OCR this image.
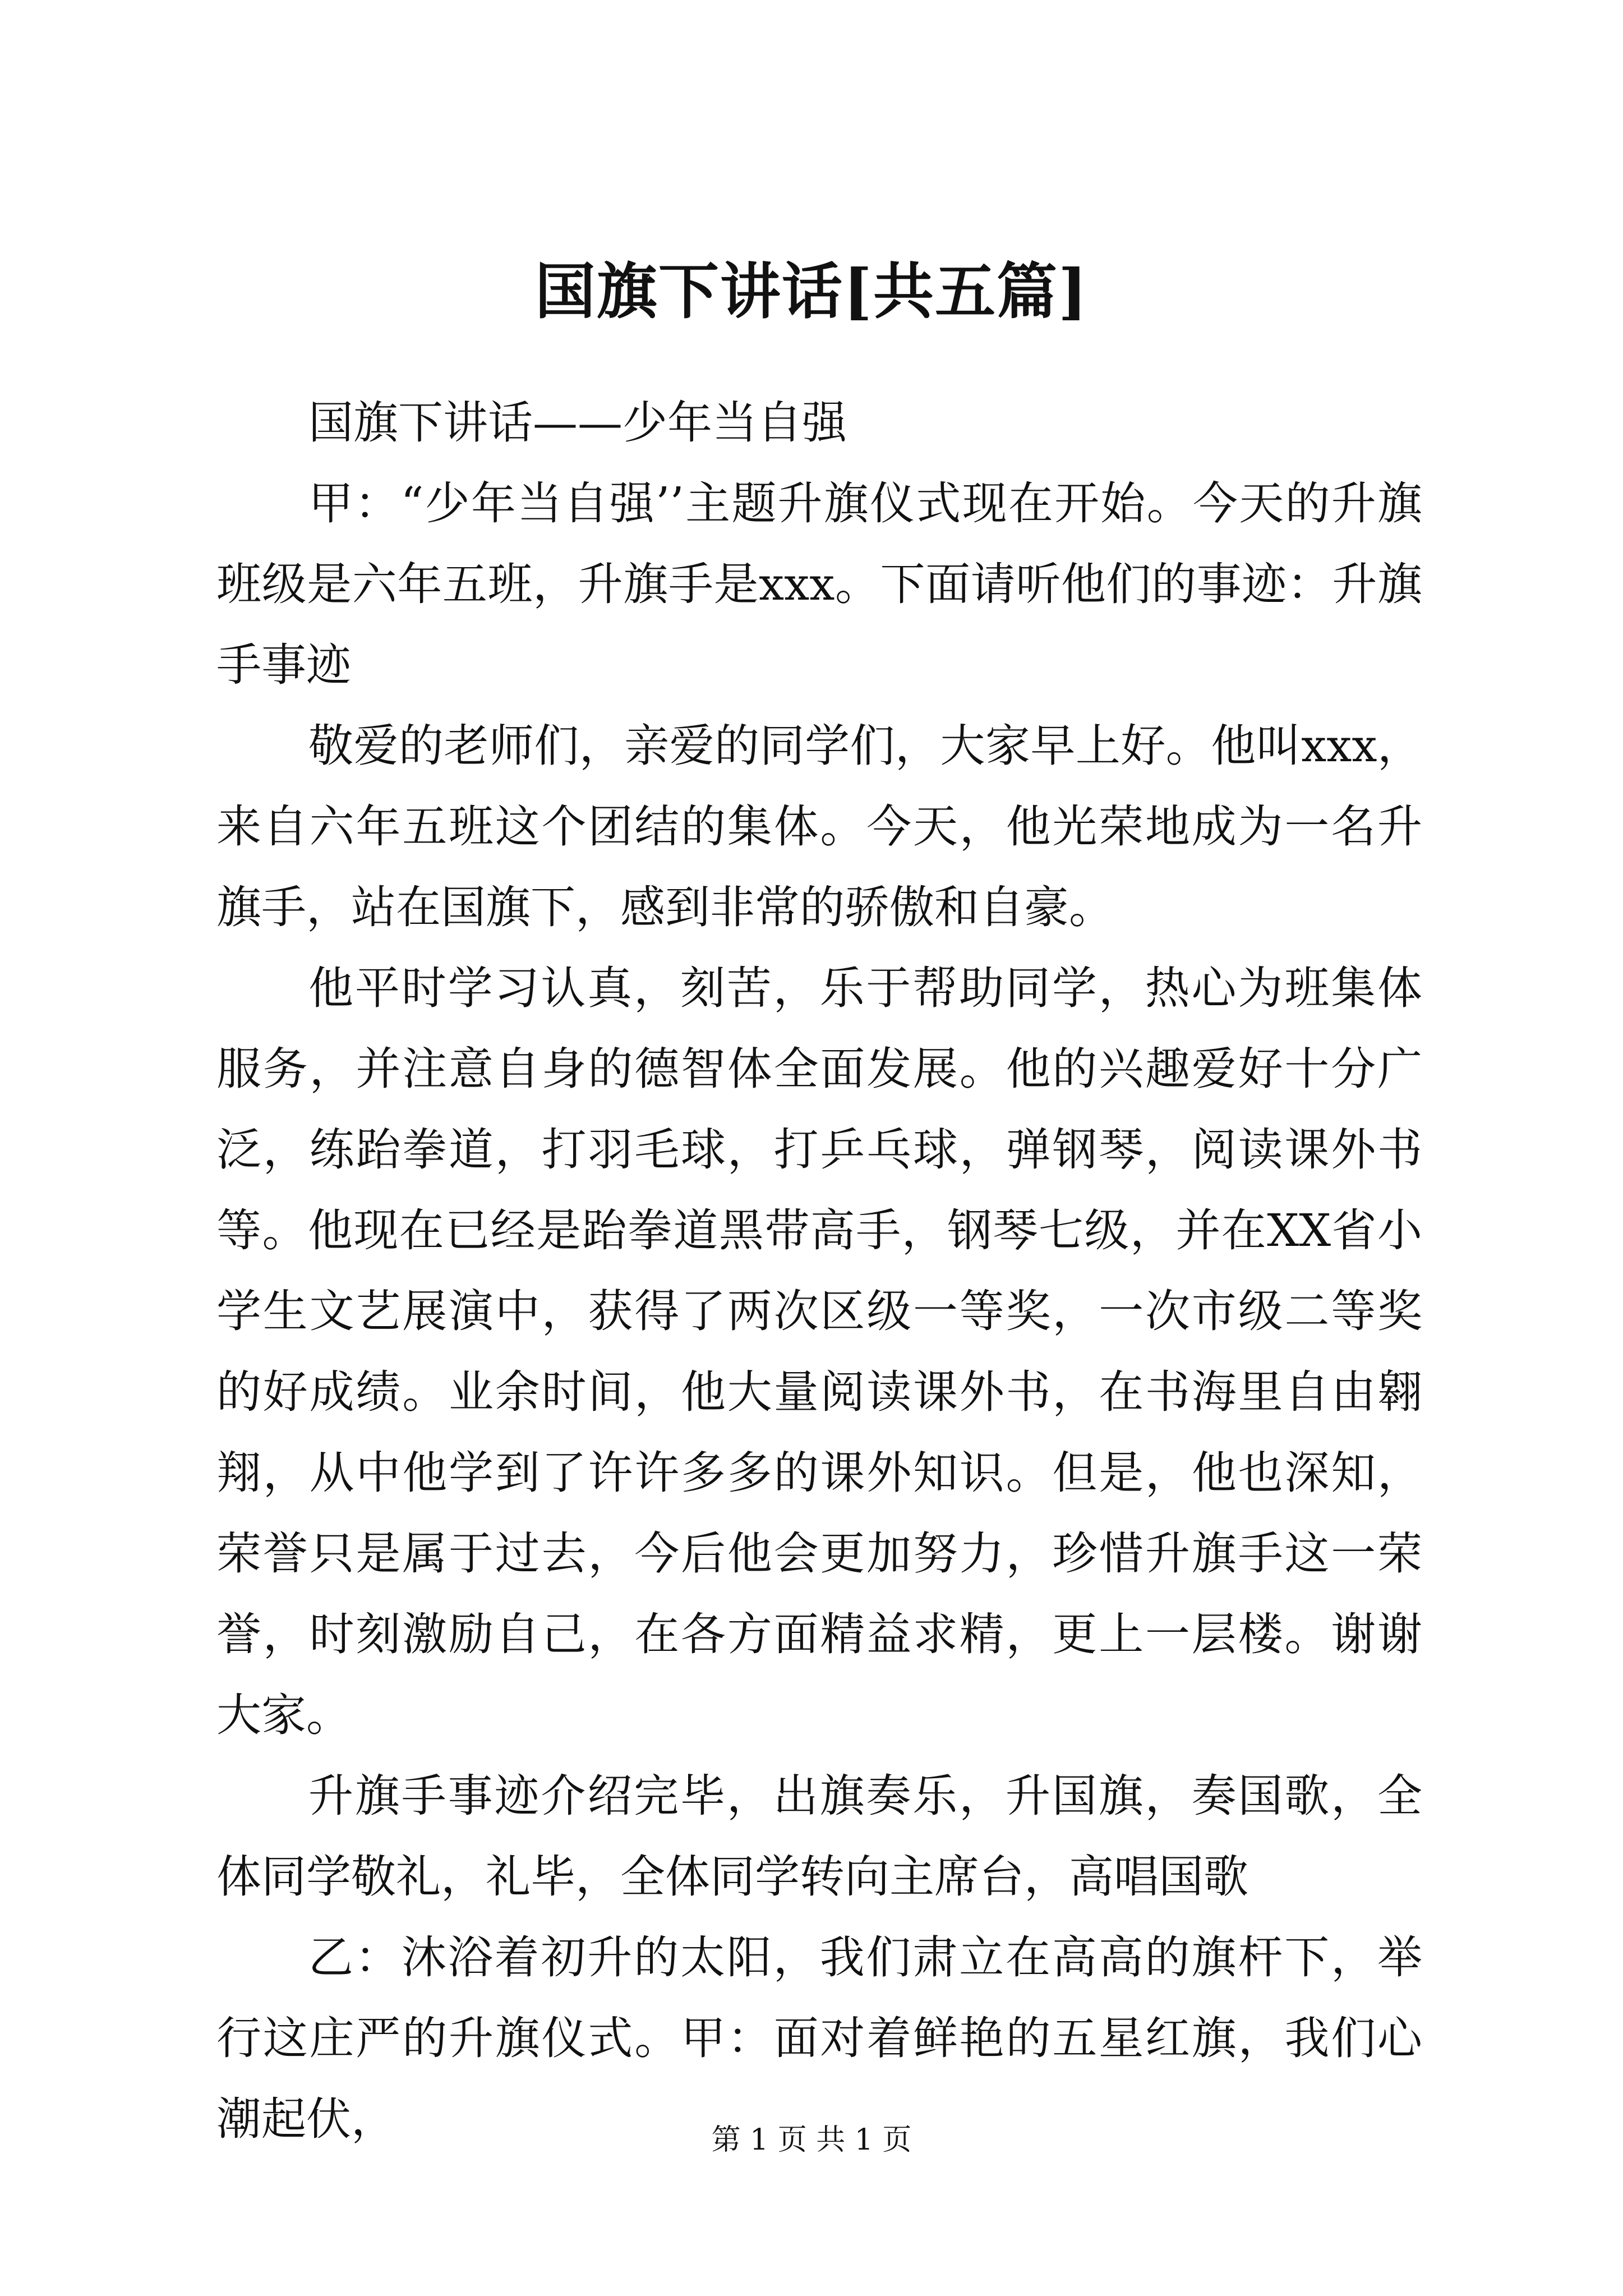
国旗下讲话[共五篇]

国旗下讲话——少年当自强

甲：“少年当自强’’主题升旗仪式现在开始。今天的升旗班级是六年五班，升旗手是xxx。下面请听他们的事迹：升旗手事迹

敬爱的老师们，亲爱的同学们，大家早上好。他叫xxx，来自六年五班这个团结的集体。今天，他光荣地成为一名升旗手，站在国旗下，感到非常的骄傲和自豪。

他平时学习认真，刻苦，乐于帮助同学，热心为班集体服务，并注意自身的德智体全面发展。他的兴趣爱好十分广泛，练跆拳道，打羽毛球，打乒乓球，弹钢琴，阅读课外书等。他现在已经是跆拳道黑带高手，钢琴七级，并在XX省小学生文艺展演中，获得了两次区级一等奖，一次市级二等奖的好成绩。业余时间，他大量阅读课外书，在书海里自由翱翔，从中他学到了许许多多的课外知识。但是，他也深知，荣誉只是属于过去，今后他会更加努力，珍惜升旗手这一荣誉，时刻激励自己，在各方面精益求精，更上一层楼。谢谢大家。

升旗手事迹介绍完毕，出旗奏乐，升国旗，奏国歌，全体同学敬礼，礼毕，全体同学转向主席台，高唱国歌

乙：沐浴着初升的太阳，我们肃立在高高的旗杆下，举行这庄严的升旗仪式。甲：面对着鲜艳的五星红旗，我们心潮起伏，	第 1 页 共 1 页
